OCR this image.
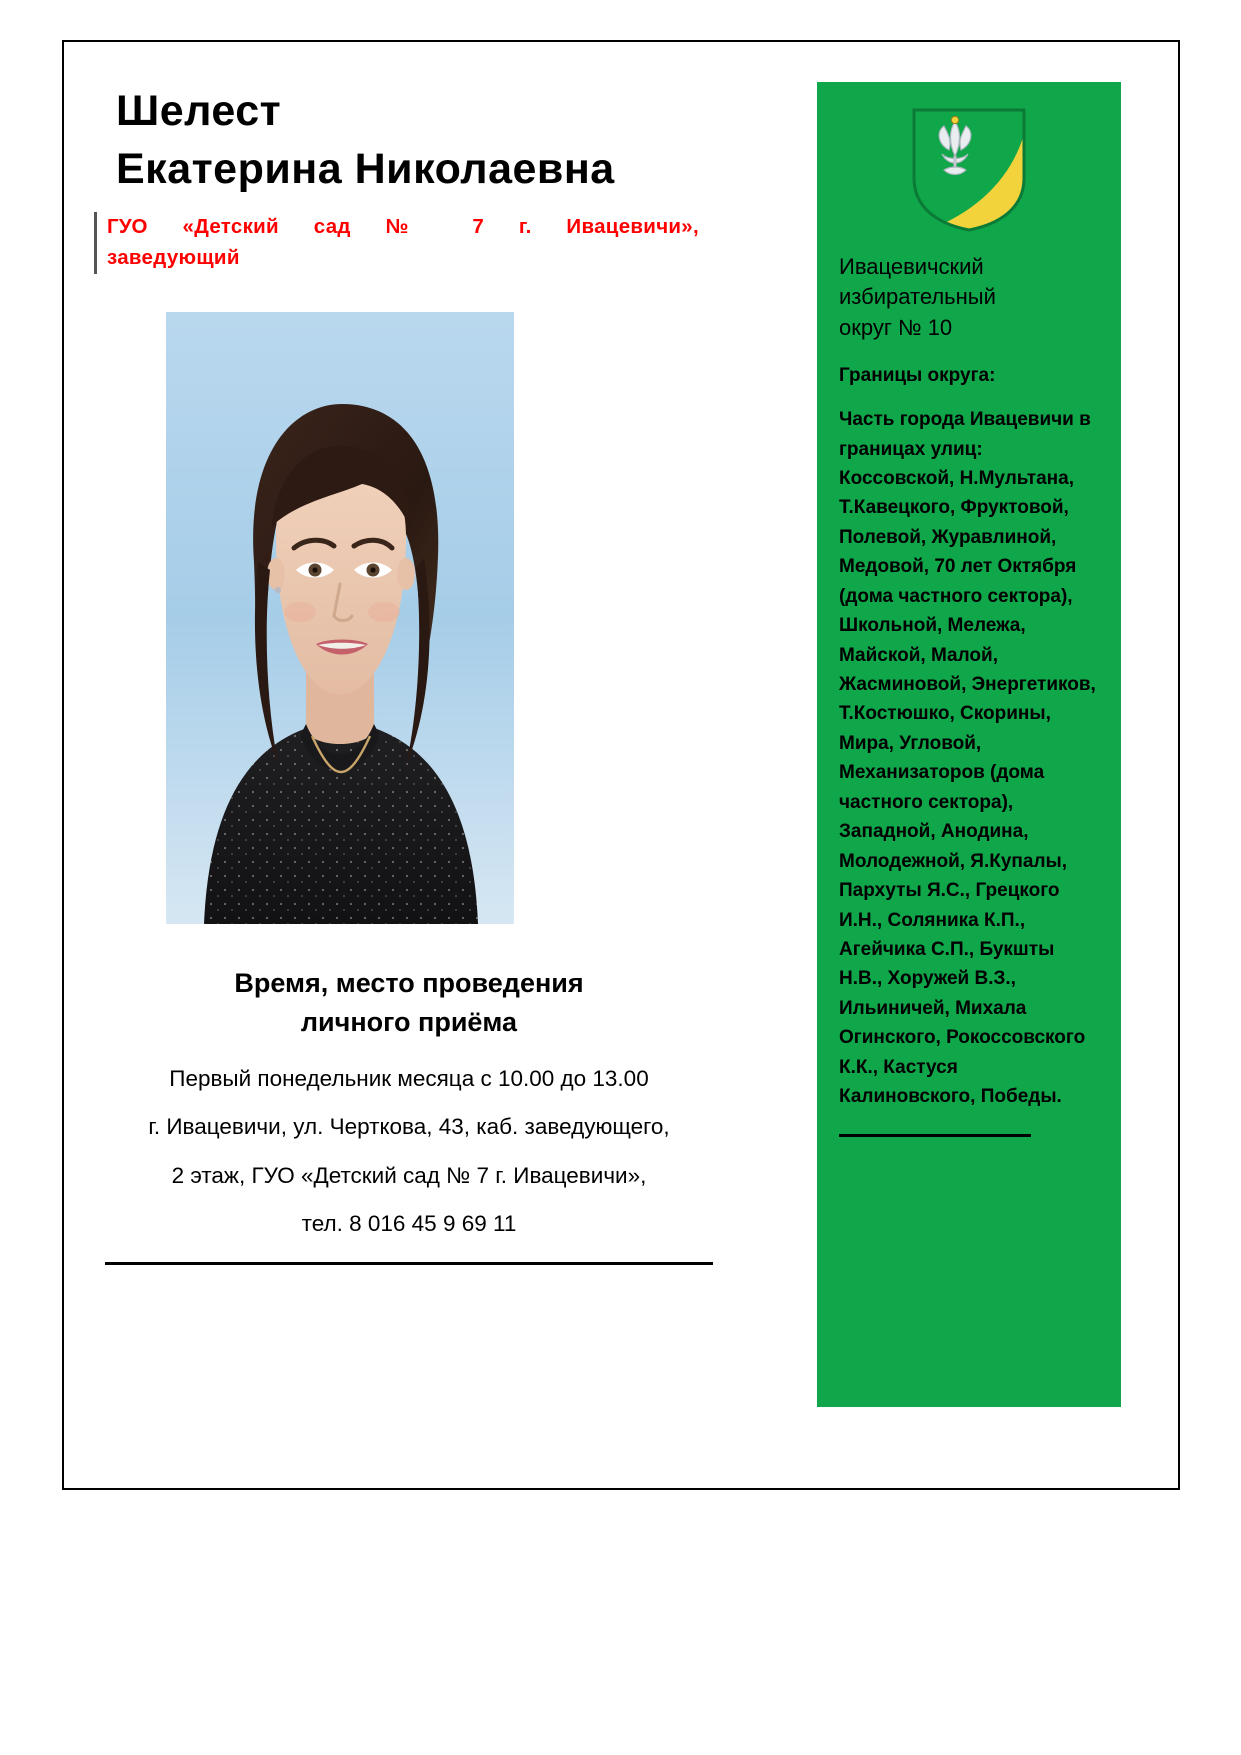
Шелест
Екатерина Николаевна
ГУО «Детский сад № 7 г. Ивацевичи»,
заведующий
Время, место проведения
личного приёма
Первый понедельник месяца с 10.00 до 13.00
г. Ивацевичи, ул. Черткова, 43, каб. заведующего,
2 этаж, ГУО «Детский сад № 7 г. Ивацевичи»,
тел. 8 016 45 9 69 11
Ивацевичский
избирательный
округ № 10
Границы округа:
Часть города Ивацевичи в границах улиц: Коссовской, Н.Мультана, Т.Кавецкого, Фруктовой, Полевой, Журавлиной, Медовой, 70 лет Октября (дома частного сектора), Школьной, Мележа, Майской, Малой, Жасминовой, Энергетиков, Т.Костюшко, Скорины, Мира, Угловой, Механизаторов (дома частного сектора), Западной, Анодина, Молодежной, Я.Купалы, Пархуты Я.С., Грецкого И.Н., Соляника К.П., Агейчика С.П., Букшты Н.В., Хоружей В.З., Ильиничей, Михала Огинского, Рокоссовского К.К., Кастуся Калиновского, Победы.
